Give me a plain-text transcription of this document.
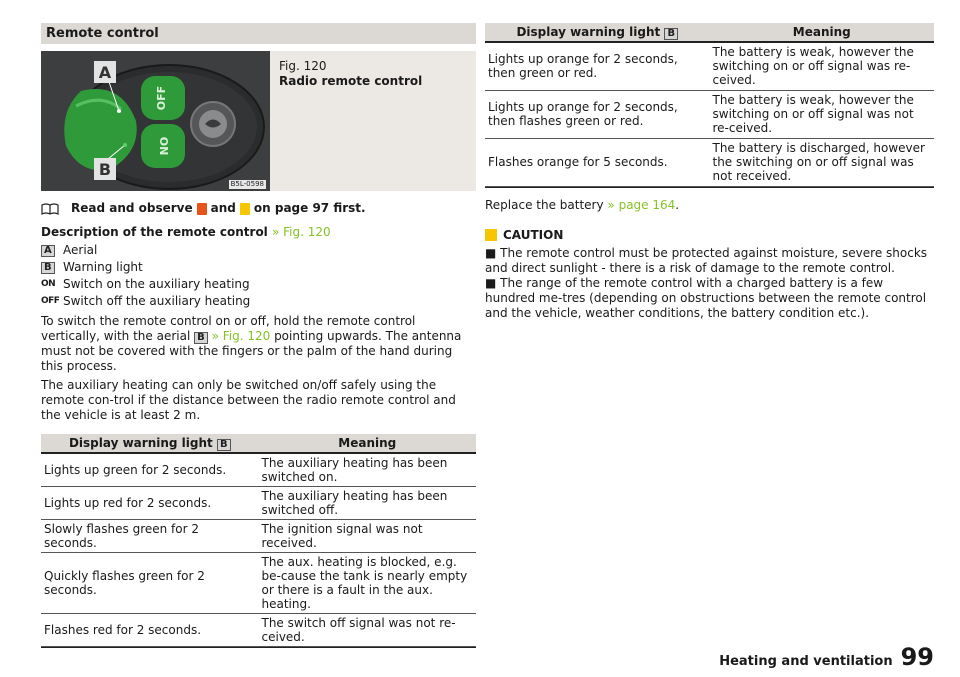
Remote control
OFF
ON
A
B
B5L-0598
Fig. 120
Radio remote control
Read and observe and on page 97 first.
Description of the remote control » Fig. 120
A Aerial
B Warning light
ON Switch on the auxiliary heating
OFF Switch off the auxiliary heating

To switch the remote control on or off, hold the remote control vertically, with the aerial B » Fig. 120 pointing upwards. The antenna must not be covered with the fingers or the palm of the hand during this process.

The auxiliary heating can only be switched on/off safely using the remote con-trol if the distance between the radio remote control and the vehicle is at least 2 m.

Display warning light B	Meaning
Lights up green for 2 seconds.	The auxiliary heating has been switched on.
Lights up red for 2 seconds.	The auxiliary heating has been switched off.
Slowly flashes green for 2 seconds.	The ignition signal was not received.
Quickly flashes green for 2 seconds.	The aux. heating is blocked, e.g. be-cause the tank is nearly empty or there is a fault in the aux. heating.
Flashes red for 2 seconds.	The switch off signal was not re-ceived.
Display warning light B	Meaning
Lights up orange for 2 seconds, then green or red.	The battery is weak, however the switching on or off signal was re-ceived.
Lights up orange for 2 seconds, then flashes green or red.	The battery is weak, however the switching on or off signal was not re-ceived.
Flashes orange for 5 seconds.	The battery is discharged, however the switching on or off signal was not received.

Replace the battery » page 164.

CAUTION

■ The remote control must be protected against moisture, severe shocks and direct sunlight - there is a risk of damage to the remote control.

■ The range of the remote control with a charged battery is a few hundred me-tres (depending on obstructions between the remote control and the vehicle, weather conditions, the battery condition etc.).

Heating and ventilation 99
